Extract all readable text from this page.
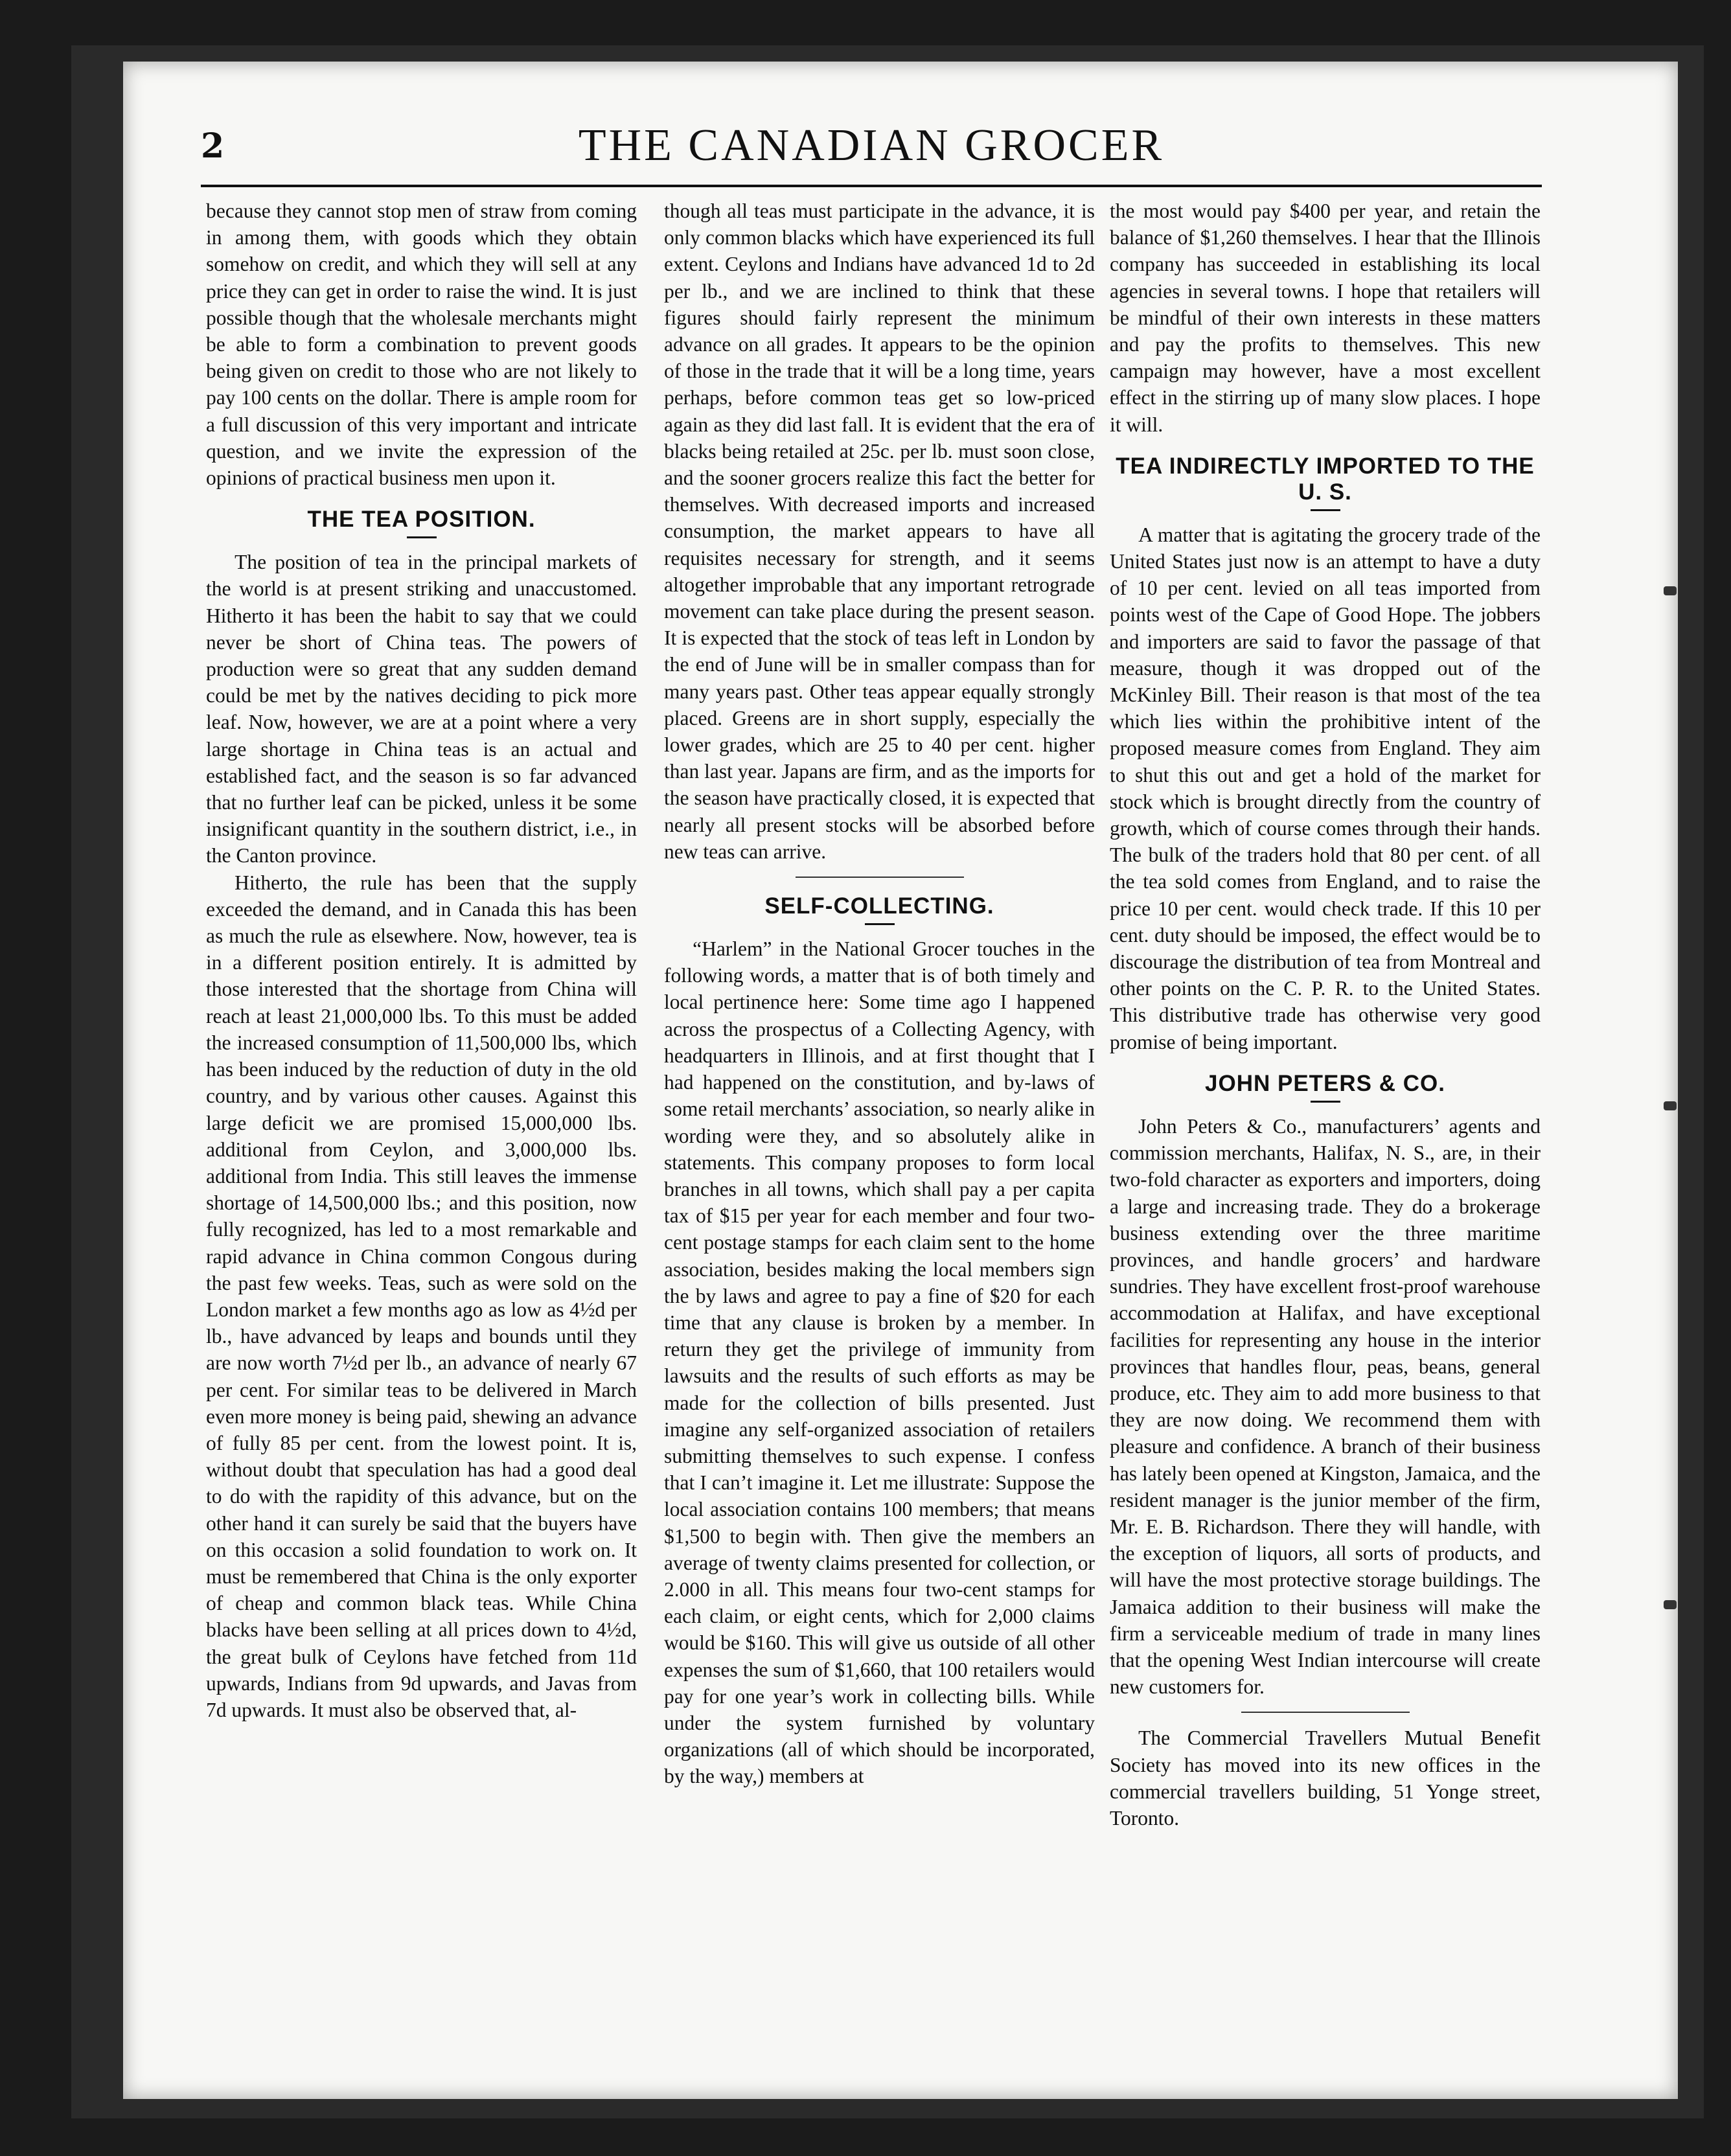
2	THE CANADIAN GROCER

because they cannot stop men of straw from coming in among them, with goods which they obtain somehow on credit, and which they will sell at any price they can get in order to raise the wind. It is just possible though that the wholesale merchants might be able to form a combination to prevent goods being given on credit to those who are not likely to pay 100 cents on the dollar. There is ample room for a full discussion of this very important and intricate question, and we invite the expression of the opinions of practical business men upon it.

THE TEA POSITION.

The position of tea in the principal markets of the world is at present striking and unaccustomed. Hitherto it has been the habit to say that we could never be short of China teas. The powers of production were so great that any sudden demand could be met by the natives deciding to pick more leaf. Now, however, we are at a point where a very large shortage in China teas is an actual and established fact, and the season is so far advanced that no further leaf can be picked, unless it be some insignificant quantity in the southern district, i.e., in the Canton province.

Hitherto, the rule has been that the supply exceeded the demand, and in Canada this has been as much the rule as elsewhere. Now, however, tea is in a different position entirely. It is admitted by those interested that the shortage from China will reach at least 21,000,000 lbs. To this must be added the increased consumption of 11,500,000 lbs, which has been induced by the reduction of duty in the old country, and by various other causes. Against this large deficit we are promised 15,000,000 lbs. additional from Ceylon, and 3,000,000 lbs. additional from India. This still leaves the immense shortage of 14,500,000 lbs.; and this position, now fully recognized, has led to a most remarkable and rapid advance in China common Congous during the past few weeks. Teas, such as were sold on the London market a few months ago as low as 4½d per lb., have advanced by leaps and bounds until they are now worth 7½d per lb., an advance of nearly 67 per cent. For similar teas to be delivered in March even more money is being paid, shewing an advance of fully 85 per cent. from the lowest point. It is, without doubt that speculation has had a good deal to do with the rapidity of this advance, but on the other hand it can surely be said that the buyers have on this occasion a solid foundation to work on. It must be remembered that China is the only exporter of cheap and common black teas. While China blacks have been selling at all prices down to 4½d, the great bulk of Ceylons have fetched from 11d upwards, Indians from 9d upwards, and Javas from 7d upwards. It must also be observed that, al-

though all teas must participate in the advance, it is only common blacks which have experienced its full extent. Ceylons and Indians have advanced 1d to 2d per lb., and we are inclined to think that these figures should fairly represent the minimum advance on all grades. It appears to be the opinion of those in the trade that it will be a long time, years perhaps, before common teas get so low-priced again as they did last fall. It is evident that the era of blacks being retailed at 25c. per lb. must soon close, and the sooner grocers realize this fact the better for themselves. With decreased imports and increased consumption, the market appears to have all requisites necessary for strength, and it seems altogether improbable that any important retrograde movement can take place during the present season. It is expected that the stock of teas left in London by the end of June will be in smaller compass than for many years past. Other teas appear equally strongly placed. Greens are in short supply, especially the lower grades, which are 25 to 40 per cent. higher than last year. Japans are firm, and as the imports for the season have practically closed, it is expected that nearly all present stocks will be absorbed before new teas can arrive.

SELF-COLLECTING.

“Harlem” in the National Grocer touches in the following words, a matter that is of both timely and local pertinence here: Some time ago I happened across the prospectus of a Collecting Agency, with headquarters in Illinois, and at first thought that I had happened on the constitution, and by-laws of some retail merchants’ association, so nearly alike in wording were they, and so absolutely alike in statements. This company proposes to form local branches in all towns, which shall pay a per capita tax of $15 per year for each member and four two-cent postage stamps for each claim sent to the home association, besides making the local members sign the by laws and agree to pay a fine of $20 for each time that any clause is broken by a member. In return they get the privilege of immunity from lawsuits and the results of such efforts as may be made for the collection of bills presented. Just imagine any self-organized association of retailers submitting themselves to such expense. I confess that I can’t imagine it. Let me illustrate: Suppose the local association contains 100 members; that means $1,500 to begin with. Then give the members an average of twenty claims presented for collection, or 2.000 in all. This means four two-cent stamps for each claim, or eight cents, which for 2,000 claims would be $160. This will give us outside of all other expenses the sum of $1,660, that 100 retailers would pay for one year’s work in collecting bills. While under the system furnished by voluntary organizations (all of which should be incorporated, by the way,) members at

the most would pay $400 per year, and retain the balance of $1,260 themselves. I hear that the Illinois company has succeeded in establishing its local agencies in several towns. I hope that retailers will be mindful of their own interests in these matters and pay the profits to themselves. This new campaign may however, have a most excellent effect in the stirring up of many slow places. I hope it will.

TEA INDIRECTLY IMPORTED TO THE U. S.

A matter that is agitating the grocery trade of the United States just now is an attempt to have a duty of 10 per cent. levied on all teas imported from points west of the Cape of Good Hope. The jobbers and importers are said to favor the passage of that measure, though it was dropped out of the McKinley Bill. Their reason is that most of the tea which lies within the prohibitive intent of the proposed measure comes from England. They aim to shut this out and get a hold of the market for stock which is brought directly from the country of growth, which of course comes through their hands. The bulk of the traders hold that 80 per cent. of all the tea sold comes from England, and to raise the price 10 per cent. would check trade. If this 10 per cent. duty should be imposed, the effect would be to discourage the distribution of tea from Montreal and other points on the C. P. R. to the United States. This distributive trade has otherwise very good promise of being important.

JOHN PETERS & CO.

John Peters & Co., manufacturers’ agents and commission merchants, Halifax, N. S., are, in their two-fold character as exporters and importers, doing a large and increasing trade. They do a brokerage business extending over the three maritime provinces, and handle grocers’ and hardware sundries. They have excellent frost-proof warehouse accommodation at Halifax, and have exceptional facilities for representing any house in the interior provinces that handles flour, peas, beans, general produce, etc. They aim to add more business to that they are now doing. We recommend them with pleasure and confidence. A branch of their business has lately been opened at Kingston, Jamaica, and the resident manager is the junior member of the firm, Mr. E. B. Richardson. There they will handle, with the exception of liquors, all sorts of products, and will have the most protective storage buildings. The Jamaica addition to their business will make the firm a serviceable medium of trade in many lines that the opening West Indian intercourse will create new customers for.

The Commercial Travellers Mutual Benefit Society has moved into its new offices in the commercial travellers building, 51 Yonge street, Toronto.
